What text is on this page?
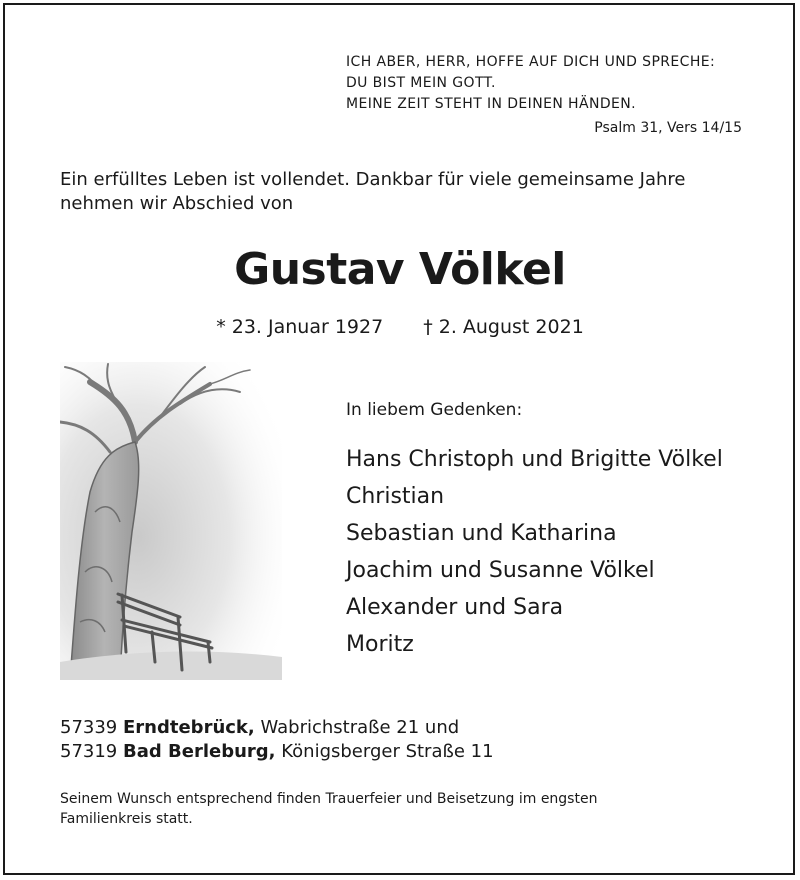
ICH ABER, HERR, HOFFE AUF DICH UND SPRECHE:
DU BIST MEIN GOTT.
MEINE ZEIT STEHT IN DEINEN HÄNDEN.
Psalm 31, Vers 14/15
Ein erfülltes Leben ist vollendet. Dankbar für viele gemeinsame Jahre
nehmen wir Abschied von
Gustav Völkel
* 23. Januar 1927 † 2. August 2021
In liebem Gedenken:
Hans Christoph und Brigitte Völkel
Christian
Sebastian und Katharina
Joachim und Susanne Völkel
Alexander und Sara
Moritz
57339 Erndtebrück, Wabrichstraße 21 und
57319 Bad Berleburg, Königsberger Straße 11
Seinem Wunsch entsprechend finden Trauerfeier und Beisetzung im engsten
Familienkreis statt.
